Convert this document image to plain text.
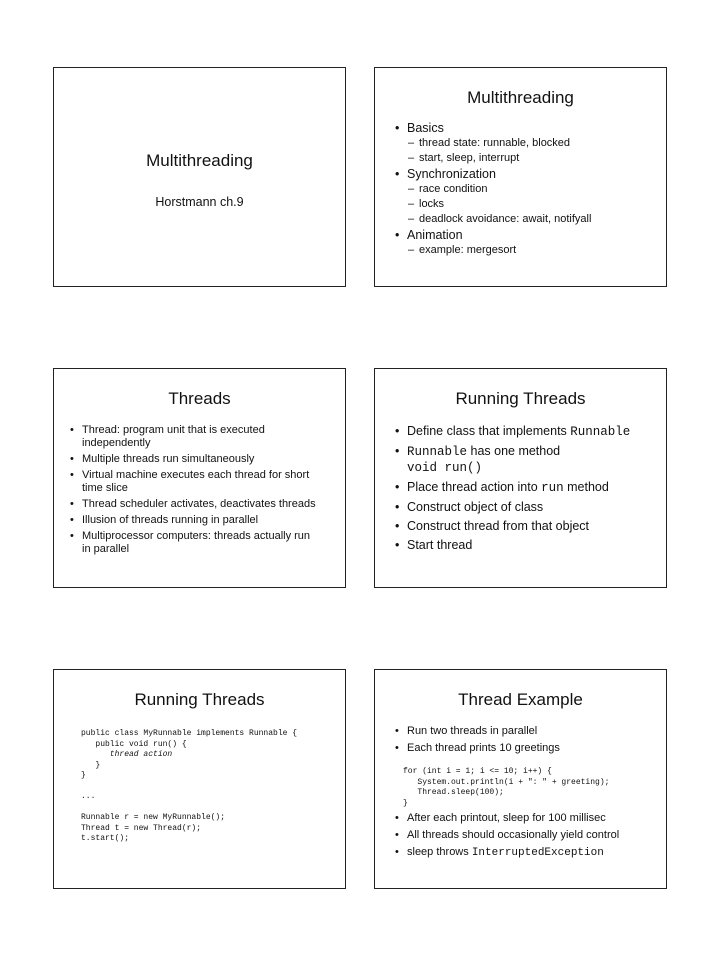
Multithreading
Horstmann ch.9
Multithreading
• Basics
– thread state: runnable, blocked
– start, sleep, interrupt
• Synchronization
– race condition
– locks
– deadlock avoidance: await, notifyall
• Animation
– example: mergesort
Threads
• Thread: program unit that is executed independently
• Multiple threads run simultaneously
• Virtual machine executes each thread for short time slice
• Thread scheduler activates, deactivates threads
• Illusion of threads running in parallel
• Multiprocessor computers: threads actually run in parallel
Running Threads
• Define class that implements Runnable
• Runnable has one method
void run()
• Place thread action into run method
• Construct object of class
• Construct thread from that object
• Start thread
Running Threads
public class MyRunnable implements Runnable {
public void run() {
thread action
}
}

...

Runnable r = new MyRunnable();
Thread t = new Thread(r);
t.start();
Thread Example
• Run two threads in parallel
• Each thread prints 10 greetings
for (int i = 1; i <= 10; i++) {
System.out.println(i + ": " + greeting);
Thread.sleep(100);
}
• After each printout, sleep for 100 millisec
• All threads should occasionally yield control
• sleep throws InterruptedException
